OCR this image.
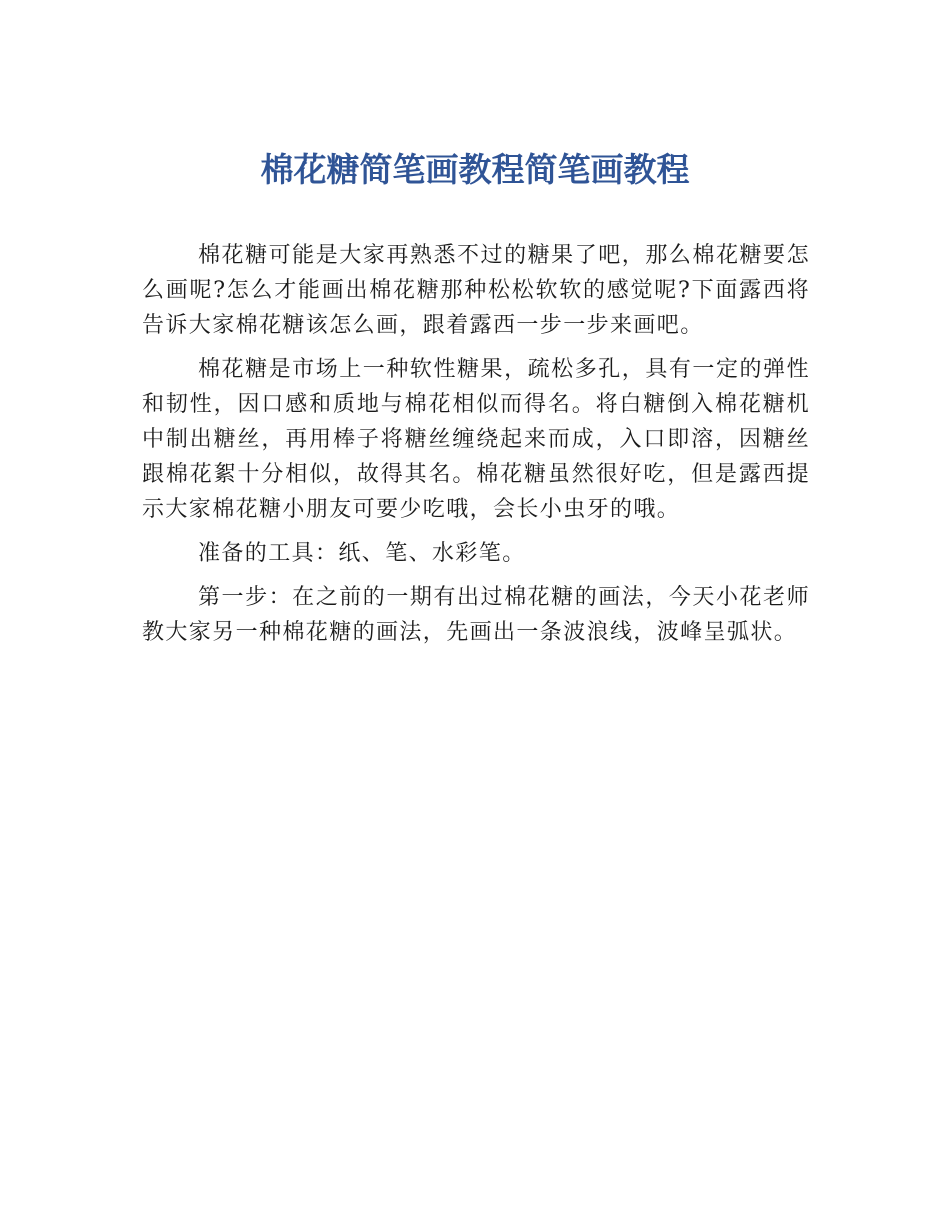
棉花糖简笔画教程简笔画教程

棉花糖可能是大家再熟悉不过的糖果了吧，那么棉花糖要怎么画呢?怎么才能画出棉花糖那种松松软软的感觉呢?下面露西将告诉大家棉花糖该怎么画，跟着露西一步一步来画吧。

棉花糖是市场上一种软性糖果，疏松多孔，具有一定的弹性和韧性，因口感和质地与棉花相似而得名。将白糖倒入棉花糖机中制出糖丝，再用棒子将糖丝缠绕起来而成，入口即溶，因糖丝跟棉花絮十分相似，故得其名。棉花糖虽然很好吃，但是露西提示大家棉花糖小朋友可要少吃哦，会长小虫牙的哦。

准备的工具：纸、笔、水彩笔。

第一步：在之前的一期有出过棉花糖的画法，今天小花老师教大家另一种棉花糖的画法，先画出一条波浪线，波峰呈弧状。
